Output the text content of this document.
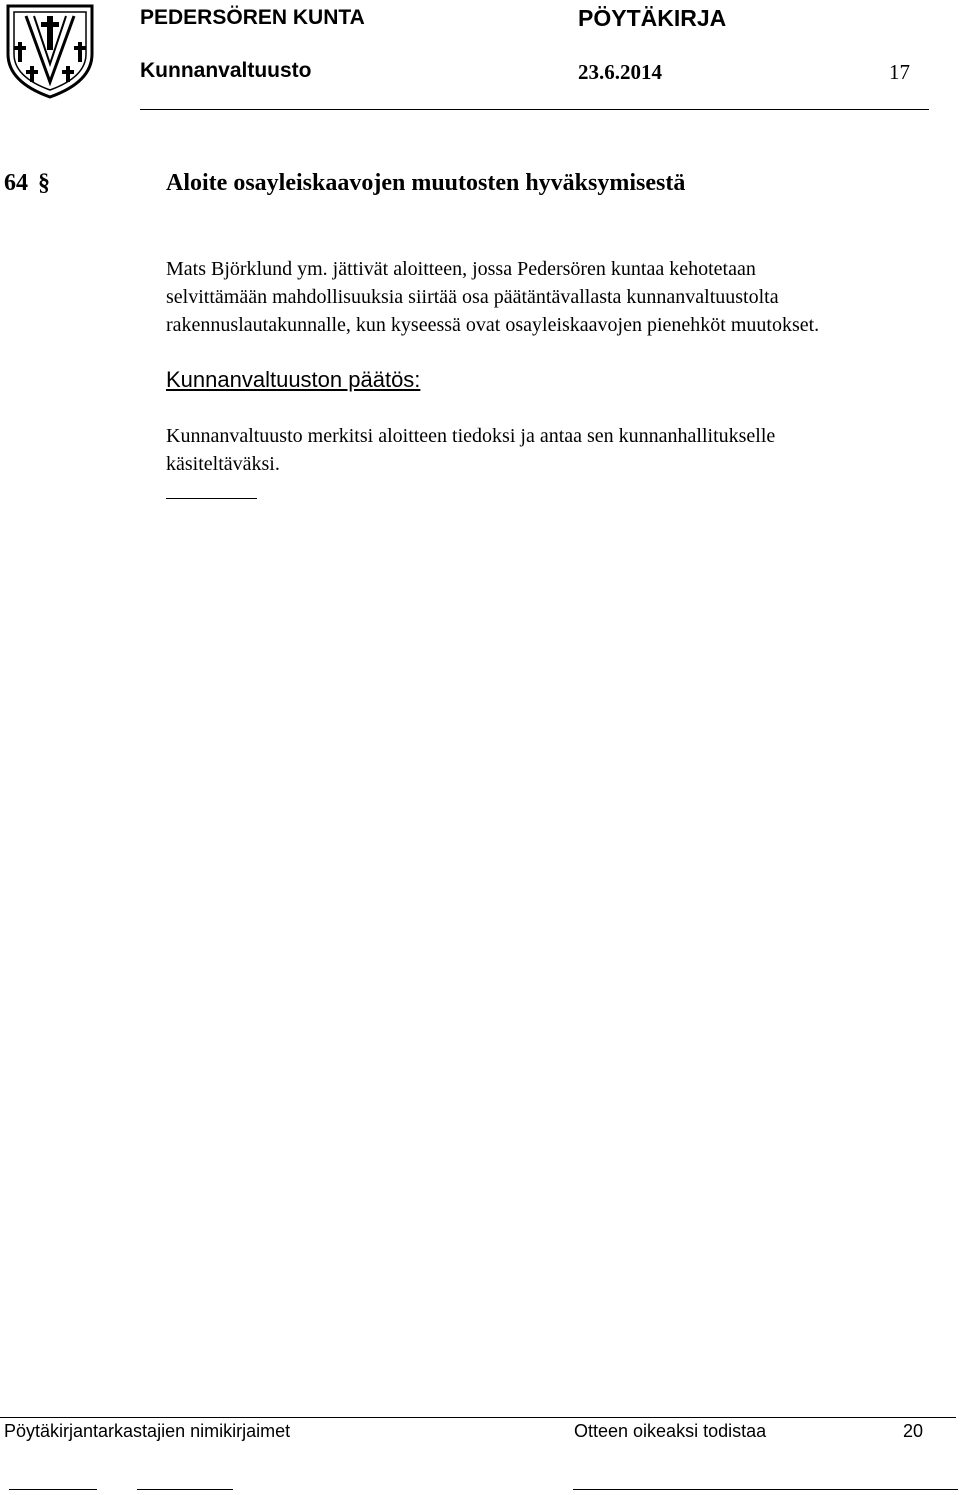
PEDERSÖREN KUNTA	PÖYTÄKIRJA
Kunnanvaltuusto	23.6.2014	17
64 §	Aloite osayleiskaavojen muutosten hyväksymisestä

Mats Björklund ym. jättivät aloitteen, jossa Pedersören kuntaa kehotetaan

selvittämään mahdollisuuksia siirtää osa päätäntävallasta kunnanvaltuustolta

rakennuslautakunnalle, kun kyseessä ovat osayleiskaavojen pienehköt muutokset.

Kunnanvaltuuston päätös:

Kunnanvaltuusto merkitsi aloitteen tiedoksi ja antaa sen kunnanhallitukselle

käsiteltäväksi.

Pöytäkirjantarkastajien nimikirjaimet	Otteen oikeaksi todistaa	20
